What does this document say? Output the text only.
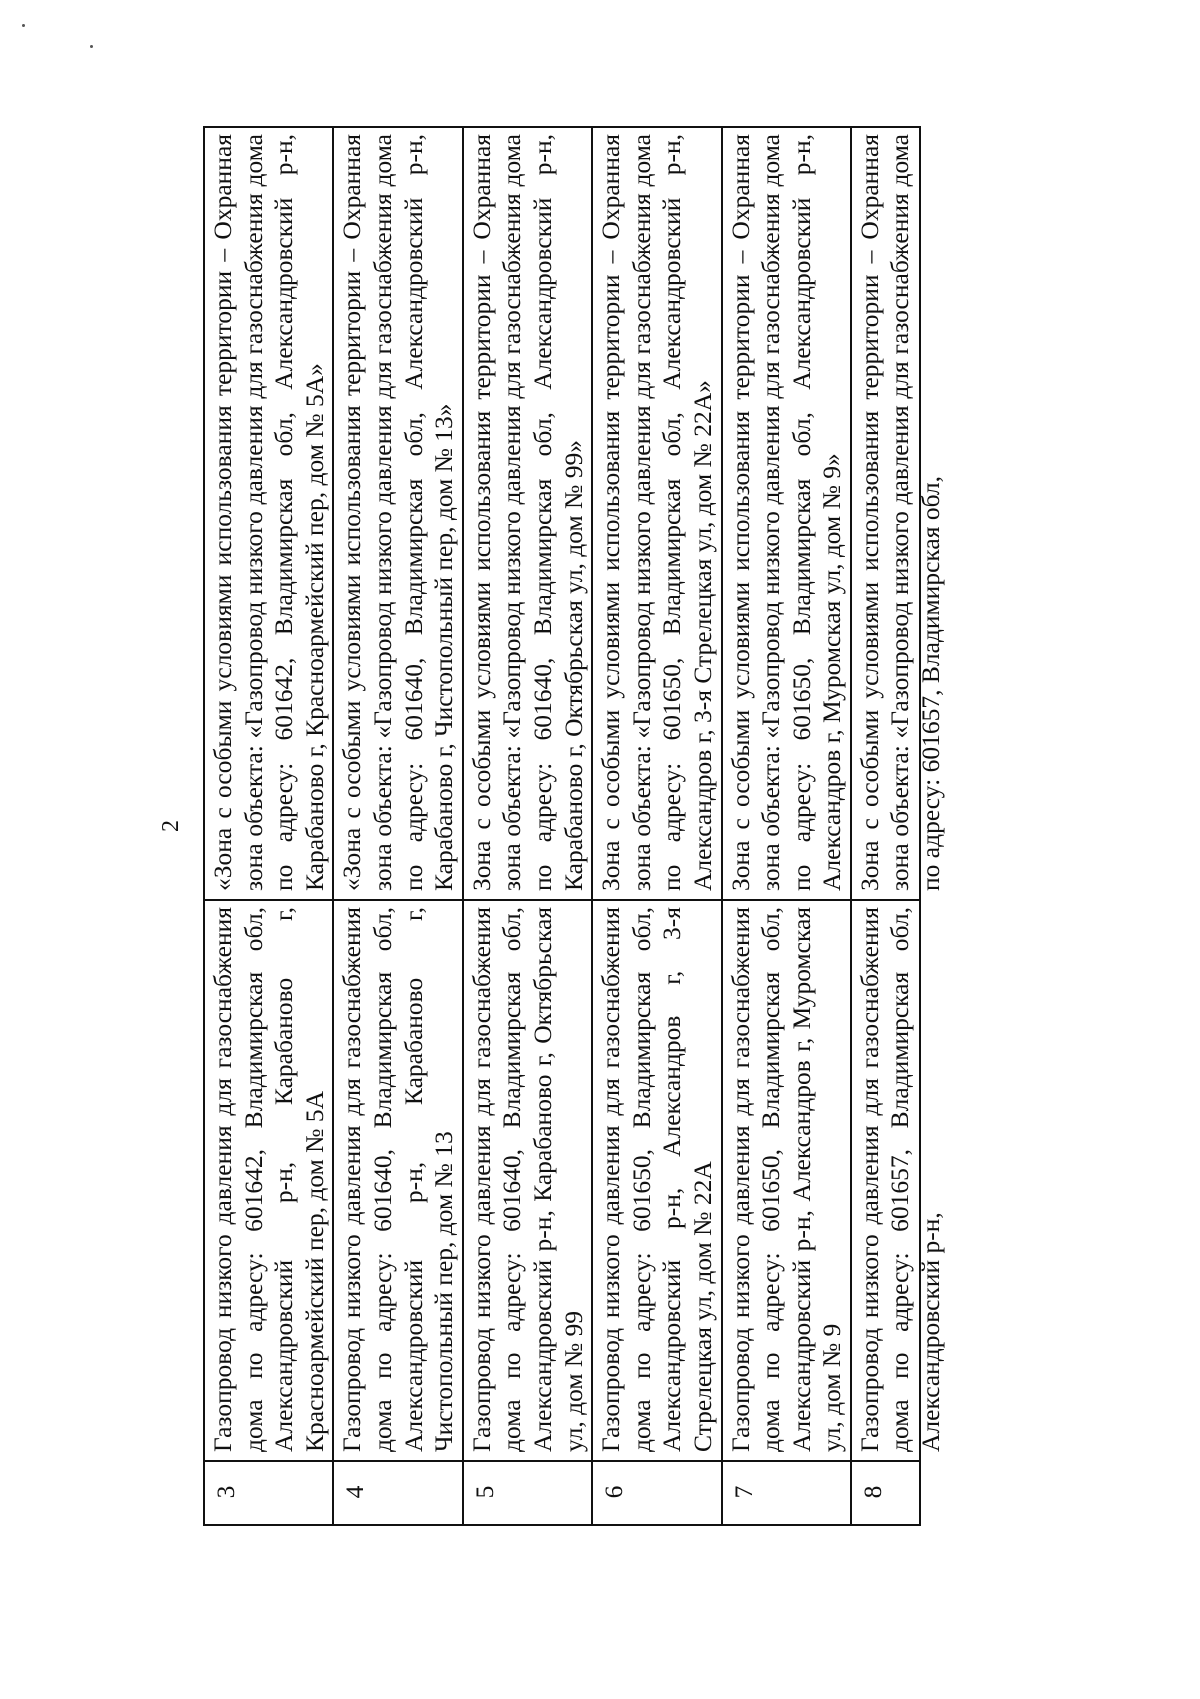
2
3	Газопровод низкого давления для газоснабжения дома по адресу: 601642, Владимирская обл, Александровский р-н, Карабаново г, Красноармейский пер, дом № 5А	«Зона с особыми условиями использования территории – Охранная зона объекта: «Газопровод низкого давления для газоснабжения дома по адресу: 601642, Владимирская обл, Александровский р-н, Карабаново г, Красноармейский пер, дом № 5А»
4	Газопровод низкого давления для газоснабжения дома по адресу: 601640, Владимирская обл, Александровский р-н, Карабаново г, Чистопольный пер, дом № 13	«Зона с особыми условиями использования территории – Охранная зона объекта: «Газопровод низкого давления для газоснабжения дома по адресу: 601640, Владимирская обл, Александровский р-н, Карабаново г, Чистопольный пер, дом № 13»
5	Газопровод низкого давления для газоснабжения дома по адресу: 601640, Владимирская обл, Александровский р-н, Карабаново г, Октябрьская ул, дом № 99	Зона с особыми условиями использования территории – Охранная зона объекта: «Газопровод низкого давления для газоснабжения дома по адресу: 601640, Владимирская обл, Александровский р-н, Карабаново г, Октябрьская ул, дом № 99»
6	Газопровод низкого давления для газоснабжения дома по адресу: 601650, Владимирская обл, Александровский р-н, Александров г, 3-я Стрелецкая ул, дом № 22А	Зона с особыми условиями использования территории – Охранная зона объекта: «Газопровод низкого давления для газоснабжения дома по адресу: 601650, Владимирская обл, Александровский р-н, Александров г, 3-я Стрелецкая ул, дом № 22А»
7	Газопровод низкого давления для газоснабжения дома по адресу: 601650, Владимирская обл, Александровский р-н, Александров г, Муромская ул, дом № 9	Зона с особыми условиями использования территории – Охранная зона объекта: «Газопровод низкого давления для газоснабжения дома по адресу: 601650, Владимирская обл, Александровский р-н, Александров г, Муромская ул, дом № 9»
8	Газопровод низкого давления для газоснабжения дома по адресу: 601657, Владимирская обл, Александровский р-н,	Зона с особыми условиями использования территории – Охранная зона объекта: «Газопровод низкого давления для газоснабжения дома по адресу: 601657, Владимирская обл,
